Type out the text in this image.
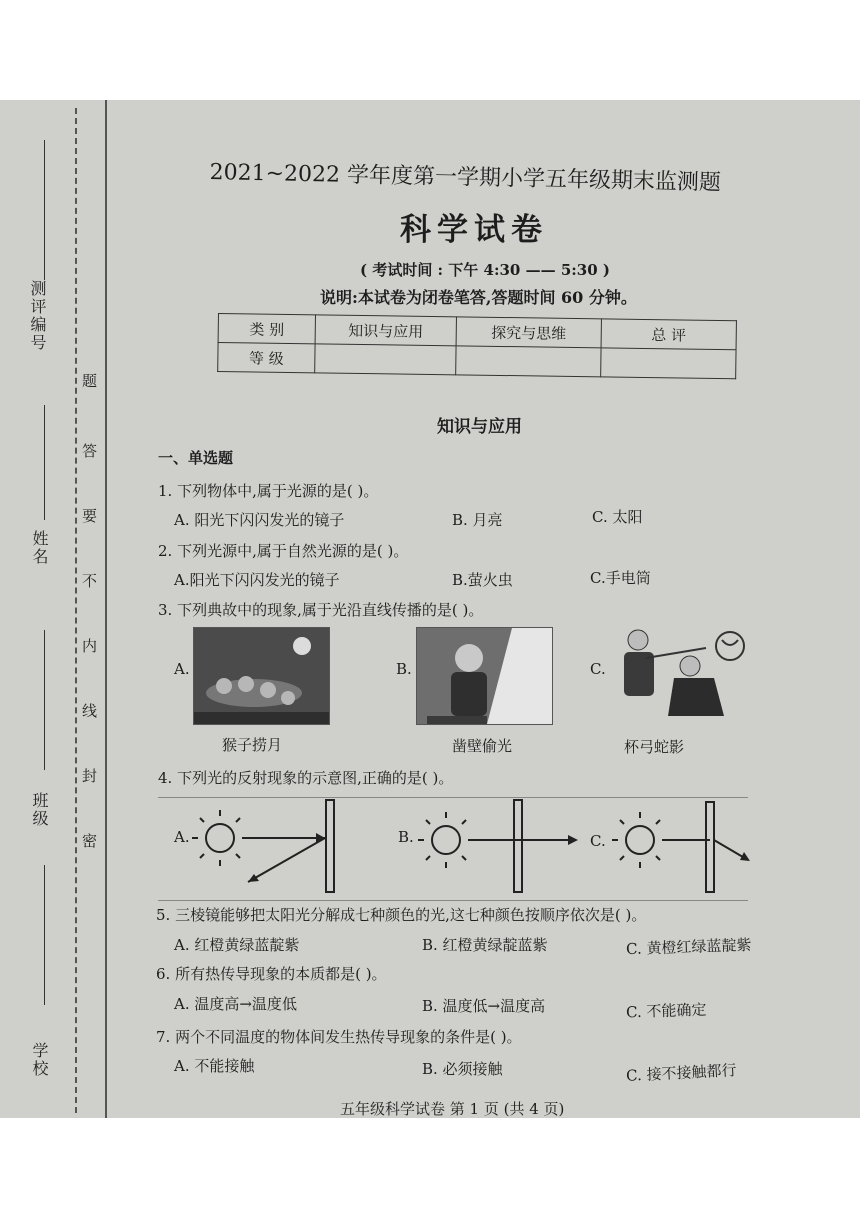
测评编号
姓名
班级
学校
题
答
要
不
内
线
封
密
2021~2022 学年度第一学期小学五年级期末监测题
科学试卷
( 考试时间 : 下午 4:30 —— 5:30 )
说明:本试卷为闭卷笔答,答题时间 60 分钟。
类 别	知识与应用	探究与思维	总 评
等 级			
知识与应用
一、单选题
1. 下列物体中,属于光源的是( )。
A. 阳光下闪闪发光的镜子	B. 月亮	C. 太阳
2. 下列光源中,属于自然光源的是( )。
A.阳光下闪闪发光的镜子	B.萤火虫	C.手电筒
3. 下列典故中的现象,属于光沿直线传播的是( )。
A.
猴子捞月
B.
凿壁偷光
C.
杯弓蛇影
4. 下列光的反射现象的示意图,正确的是( )。
A.	B.	C.
5. 三棱镜能够把太阳光分解成七种颜色的光,这七种颜色按顺序依次是( )。
A. 红橙黄绿蓝靛紫	B. 红橙黄绿靛蓝紫	C. 黄橙红绿蓝靛紫
6. 所有热传导现象的本质都是( )。
A. 温度高→温度低	B. 温度低→温度高	C. 不能确定
7. 两个不同温度的物体间发生热传导现象的条件是( )。
A. 不能接触	B. 必须接触	C. 接不接触都行
五年级科学试卷 第 1 页 (共 4 页)
